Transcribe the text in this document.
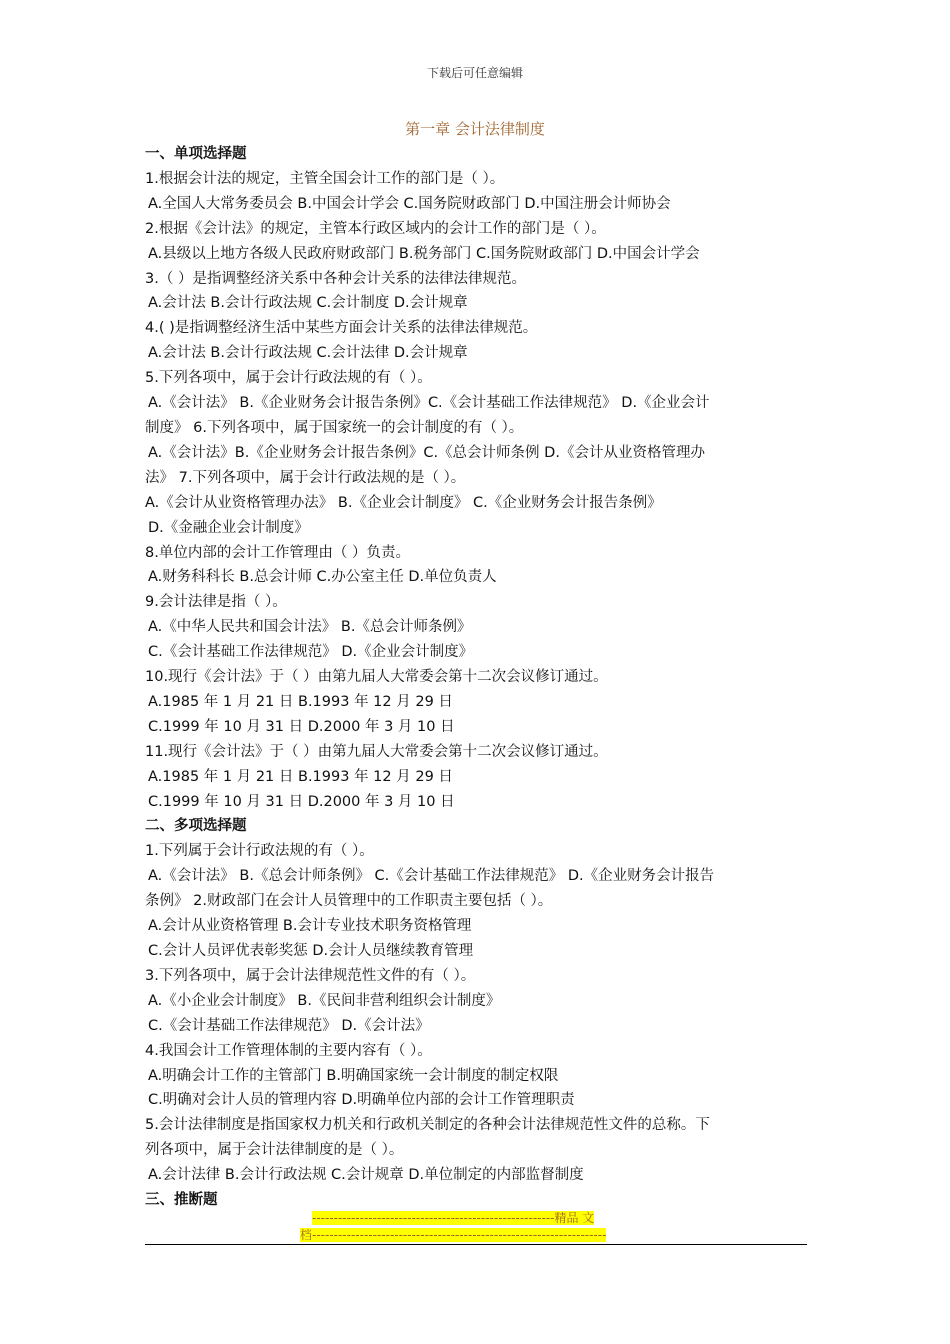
下载后可任意编辑
第一章 会计法律制度
一、单项选择题
1.根据会计法的规定，主管全国会计工作的部门是（ ）。
A.全国人大常务委员会 B.中国会计学会 C.国务院财政部门 D.中国注册会计师协会
2.根据《会计法》的规定，主管本行政区域内的会计工作的部门是（ ）。
A.县级以上地方各级人民政府财政部门 B.税务部门 C.国务院财政部门 D.中国会计学会
3.（ ）是指调整经济关系中各种会计关系的法律法律规范。
A.会计法 B.会计行政法规 C.会计制度 D.会计规章
4.( )是指调整经济生活中某些方面会计关系的法律法律规范。
A.会计法 B.会计行政法规 C.会计法律 D.会计规章
5.下列各项中，属于会计行政法规的有（ ）。
A.《会计法》 B.《企业财务会计报告条例》C.《会计基础工作法律规范》 D.《企业会计
制度》 6.下列各项中，属于国家统一的会计制度的有（ ）。
A.《会计法》B.《企业财务会计报告条例》C.《总会计师条例 D.《会计从业资格管理办
法》 7.下列各项中，属于会计行政法规的是（ ）。
A.《会计从业资格管理办法》 B.《企业会计制度》 C.《企业财务会计报告条例》
D.《金融企业会计制度》
8.单位内部的会计工作管理由（ ）负责。
A.财务科科长 B.总会计师 C.办公室主任 D.单位负责人
9.会计法律是指（ ）。
A.《中华人民共和国会计法》 B.《总会计师条例》
C.《会计基础工作法律规范》 D.《企业会计制度》
10.现行《会计法》于（ ）由第九届人大常委会第十二次会议修订通过。
A.1985 年 1 月 21 日 B.1993 年 12 月 29 日
C.1999 年 10 月 31 日 D.2000 年 3 月 10 日
11.现行《会计法》于（ ）由第九届人大常委会第十二次会议修订通过。
A.1985 年 1 月 21 日 B.1993 年 12 月 29 日
C.1999 年 10 月 31 日 D.2000 年 3 月 10 日
二、多项选择题
1.下列属于会计行政法规的有（ ）。
A.《会计法》 B.《总会计师条例》 C.《会计基础工作法律规范》 D.《企业财务会计报告
条例》 2.财政部门在会计人员管理中的工作职责主要包括（ ）。
A.会计从业资格管理 B.会计专业技术职务资格管理
C.会计人员评优表彰奖惩 D.会计人员继续教育管理
3.下列各项中，属于会计法律规范性文件的有（ ）。
A.《小企业会计制度》 B.《民间非营利组织会计制度》
C.《会计基础工作法律规范》 D.《会计法》
4.我国会计工作管理体制的主要内容有（ ）。
A.明确会计工作的主管部门 B.明确国家统一会计制度的制定权限
C.明确对会计人员的管理内容 D.明确单位内部的会计工作管理职责
5.会计法律制度是指国家权力机关和行政机关制定的各种会计法律规范性文件的总称。下
列各项中，属于会计法律制度的是（ ）。
A.会计法律 B.会计行政法规 C.会计规章 D.单位制定的内部监督制度
三、推断题
--------------------------------------------------------精品 文
档--------------------------------------------------------------------
